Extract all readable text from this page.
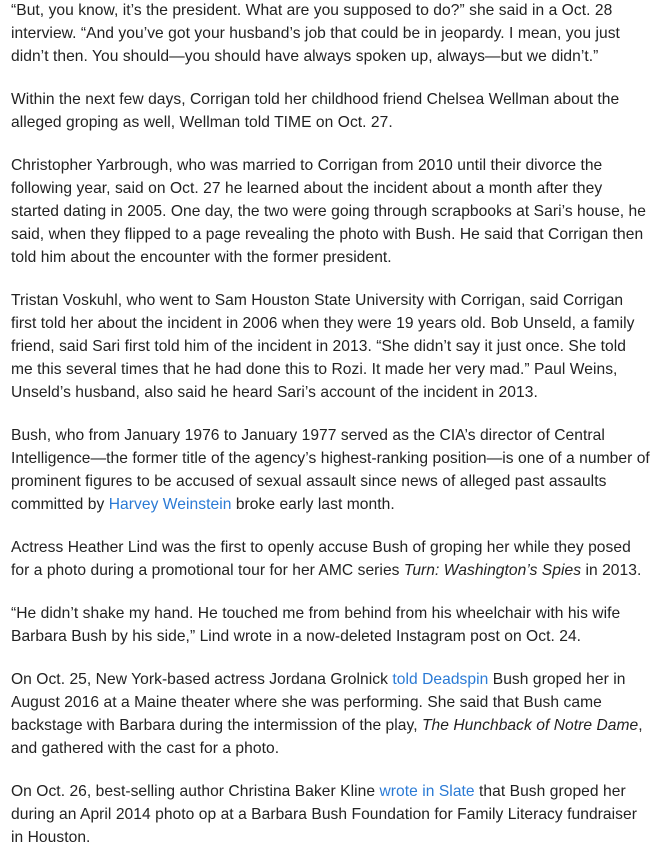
“But, you know, it’s the president. What are you supposed to do?” she said in a Oct. 28 interview. “And you’ve got your husband’s job that could be in jeopardy. I mean, you just didn’t then. You should—you should have always spoken up, always—but we didn’t.”

Within the next few days, Corrigan told her childhood friend Chelsea Wellman about the alleged groping as well, Wellman told TIME on Oct. 27.

Christopher Yarbrough, who was married to Corrigan from 2010 until their divorce the following year, said on Oct. 27 he learned about the incident about a month after they started dating in 2005. One day, the two were going through scrapbooks at Sari’s house, he said, when they flipped to a page revealing the photo with Bush. He said that Corrigan then told him about the encounter with the former president.

Tristan Voskuhl, who went to Sam Houston State University with Corrigan, said Corrigan first told her about the incident in 2006 when they were 19 years old. Bob Unseld, a family friend, said Sari first told him of the incident in 2013. “She didn’t say it just once. She told me this several times that he had done this to Rozi. It made her very mad.” Paul Weins, Unseld’s husband, also said he heard Sari’s account of the incident in 2013.

Bush, who from January 1976 to January 1977 served as the CIA’s director of Central Intelligence—the former title of the agency’s highest-ranking position—is one of a number of prominent figures to be accused of sexual assault since news of alleged past assaults committed by Harvey Weinstein broke early last month.

Actress Heather Lind was the first to openly accuse Bush of groping her while they posed for a photo during a promotional tour for her AMC series Turn: Washington’s Spies in 2013.

“He didn’t shake my hand. He touched me from behind from his wheelchair with his wife Barbara Bush by his side,” Lind wrote in a now-deleted Instagram post on Oct. 24.

On Oct. 25, New York-based actress Jordana Grolnick told Deadspin Bush groped her in August 2016 at a Maine theater where she was performing. She said that Bush came backstage with Barbara during the intermission of the play, The Hunchback of Notre Dame, and gathered with the cast for a photo.

On Oct. 26, best-selling author Christina Baker Kline wrote in Slate that Bush groped her during an April 2014 photo op at a Barbara Bush Foundation for Family Literacy fundraiser in Houston.
